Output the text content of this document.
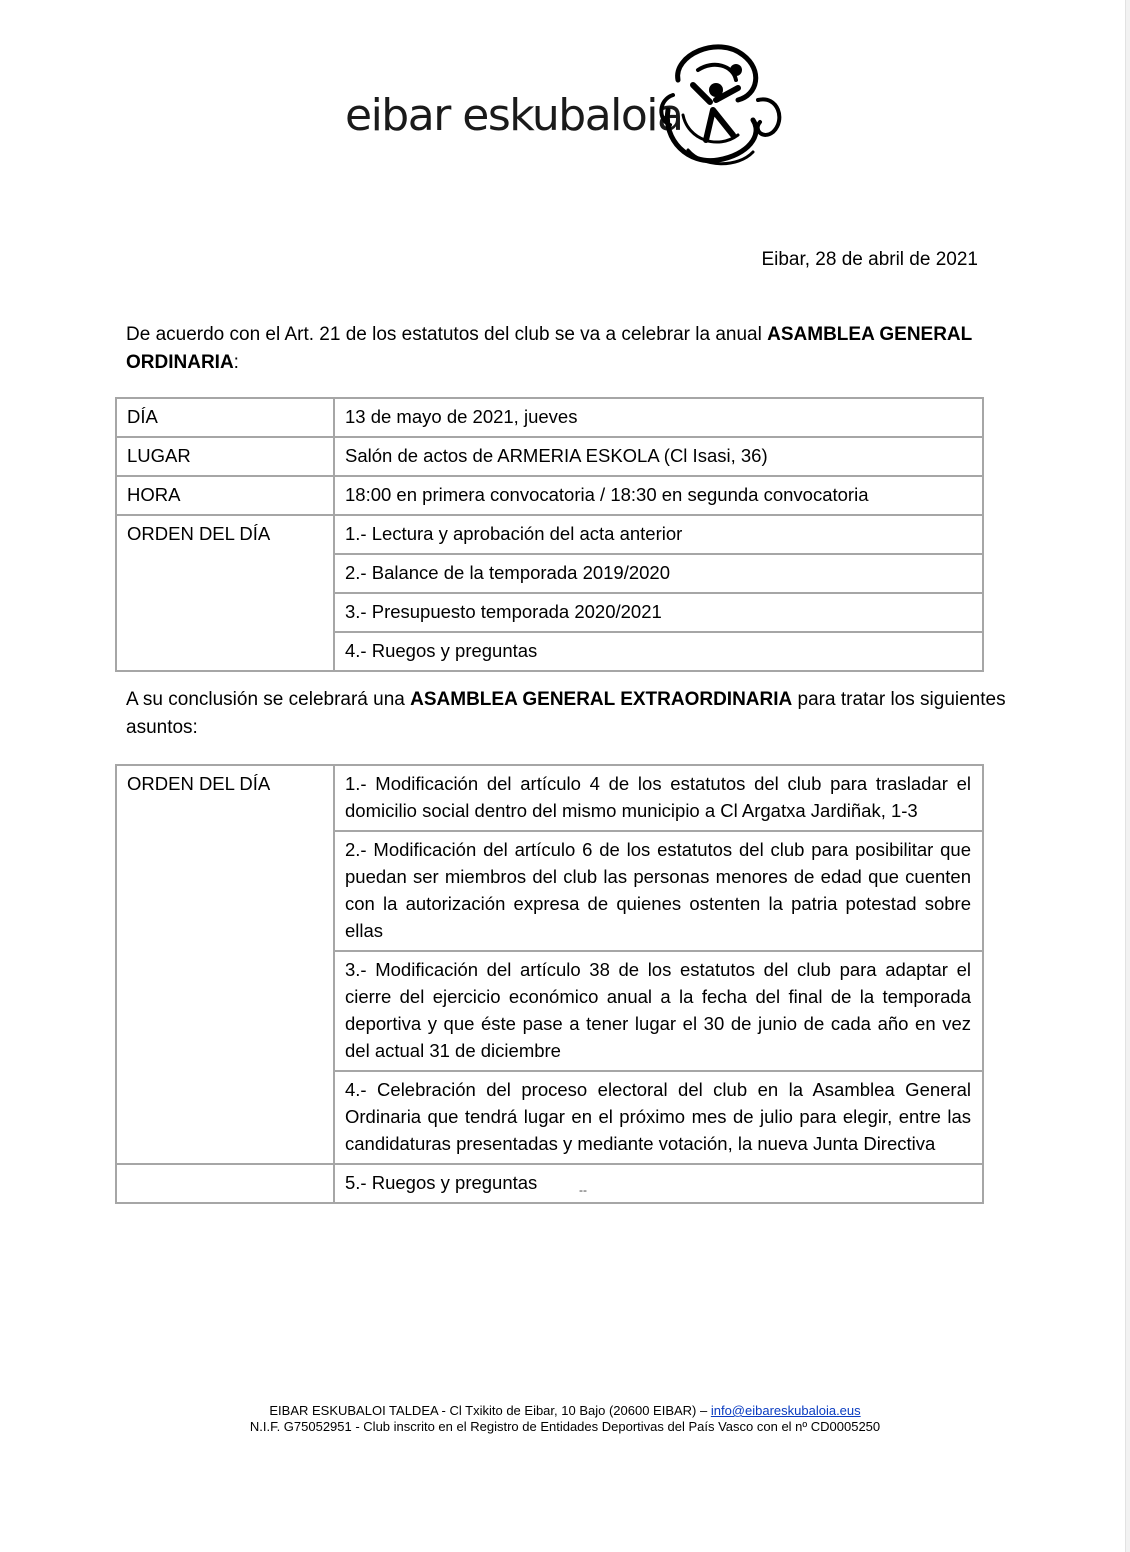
eibar eskubaloia
Eibar, 28 de abril de 2021
De acuerdo con el Art. 21 de los estatutos del club se va a celebrar la anual ASAMBLEA GENERAL ORDINARIA:
DÍA	13 de mayo de 2021, jueves
LUGAR	Salón de actos de ARMERIA ESKOLA (Cl Isasi, 36)
HORA	18:00 en primera convocatoria / 18:30 en segunda convocatoria
ORDEN DEL DÍA	1.- Lectura y aprobación del acta anterior
	2.- Balance de la temporada 2019/2020
	3.- Presupuesto temporada 2020/2021
	4.- Ruegos y preguntas
A su conclusión se celebrará una ASAMBLEA GENERAL EXTRAORDINARIA para tratar los siguientes asuntos:
ORDEN DEL DÍA	1.- Modificación del artículo 4 de los estatutos del club para trasladar el domicilio social dentro del mismo municipio a Cl Argatxa Jardiñak, 1-3
	2.- Modificación del artículo 6 de los estatutos del club para posibilitar que puedan ser miembros del club las personas menores de edad que cuenten con la autorización expresa de quienes ostenten la patria potestad sobre ellas
	3.- Modificación del artículo 38 de los estatutos del club para adaptar el cierre del ejercicio económico anual a la fecha del final de la temporada deportiva y que éste pase a tener lugar el 30 de junio de cada año en vez del actual 31 de diciembre
	4.- Celebración del proceso electoral del club en la Asamblea General Ordinaria que tendrá lugar en el próximo mes de julio para elegir, entre las candidaturas presentadas y mediante votación, la nueva Junta Directiva
	5.- Ruegos y preguntas	--
EIBAR ESKUBALOI TALDEA - Cl Txikito de Eibar, 10 Bajo (20600 EIBAR) – info@eibareskubaloia.eus
N.I.F. G75052951 - Club inscrito en el Registro de Entidades Deportivas del País Vasco con el nº CD0005250
